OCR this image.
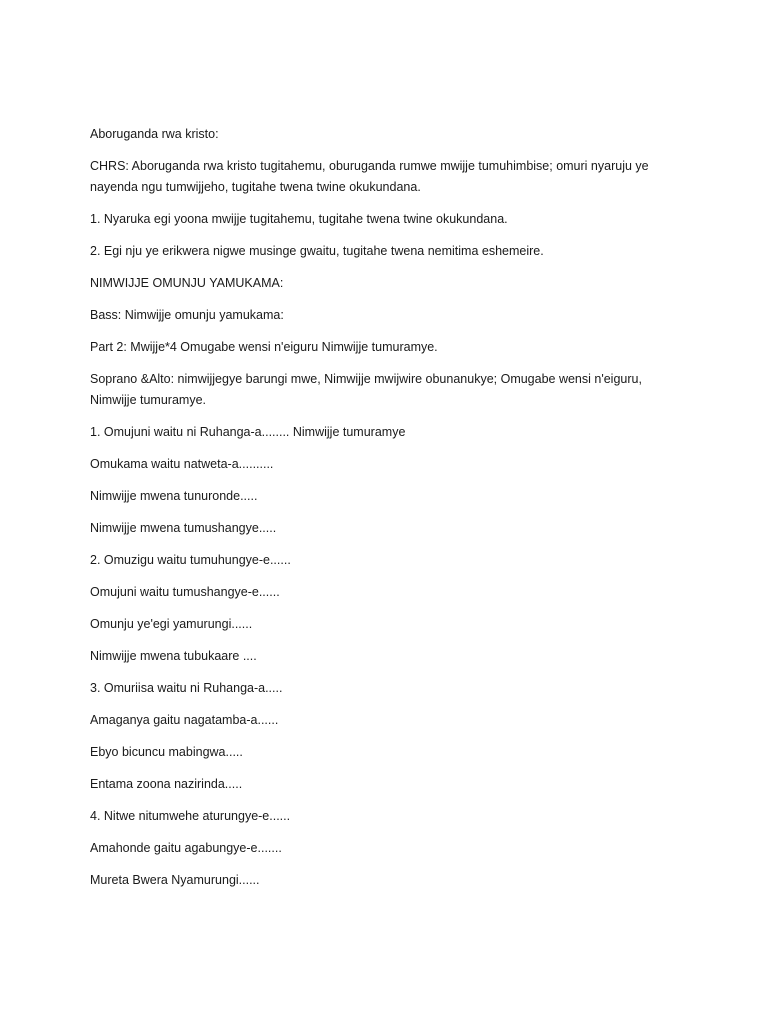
Aboruganda rwa kristo:

CHRS: Aboruganda rwa kristo tugitahemu, oburuganda rumwe mwijje tumuhimbise; omuri nyaruju ye nayenda ngu tumwijjeho, tugitahe twena twine okukundana.

1. Nyaruka egi yoona mwijje tugitahemu, tugitahe twena twine okukundana.

2. Egi nju ye erikwera nigwe musinge gwaitu, tugitahe twena nemitima eshemeire.

NIMWIJJE OMUNJU YAMUKAMA:

Bass: Nimwijje omunju yamukama:

Part 2: Mwijje*4 Omugabe wensi n'eiguru Nimwijje tumuramye.

Soprano &Alto: nimwijjegye barungi mwe, Nimwijje mwijwire obunanukye; Omugabe wensi n'eiguru, Nimwijje tumuramye.

1. Omujuni waitu ni Ruhanga-a........ Nimwijje tumuramye

Omukama waitu natweta-a..........

Nimwijje mwena tunuronde.....

Nimwijje mwena tumushangye.....

2. Omuzigu waitu tumuhungye-e......

Omujuni waitu tumushangye-e......

Omunju ye'egi yamurungi......

Nimwijje mwena tubukaare ....

3. Omuriisa waitu ni Ruhanga-a.....

Amaganya gaitu nagatamba-a......

Ebyo bicuncu mabingwa.....

Entama zoona nazirinda.....

4. Nitwe nitumwehe aturungye-e......

Amahonde gaitu agabungye-e.......

Mureta Bwera Nyamurungi......
